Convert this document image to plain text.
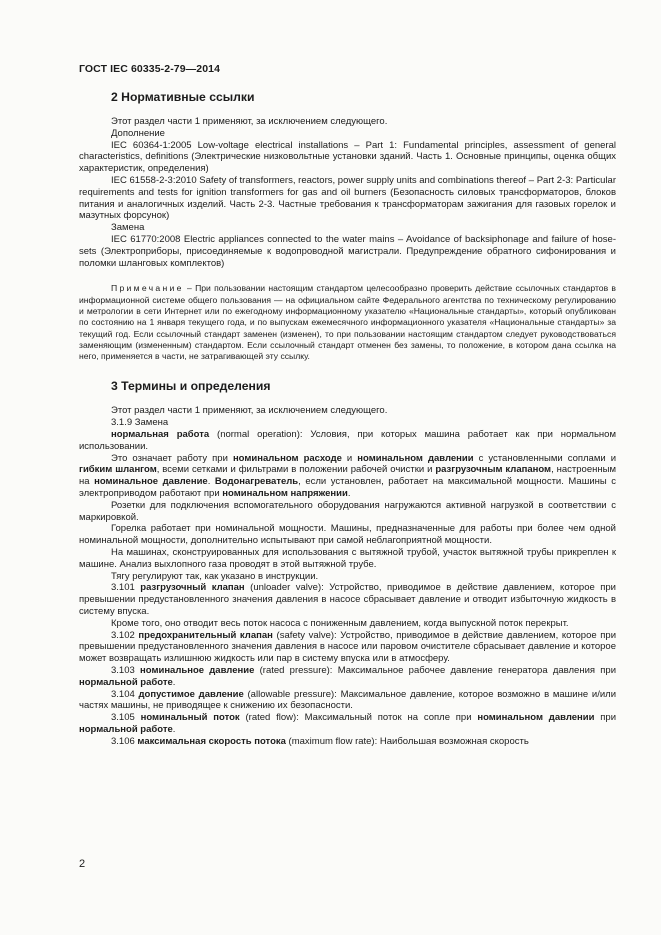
ГОСТ IEC 60335-2-79—2014
2 Нормативные ссылки

Этот раздел части 1 применяют, за исключением следующего.

Дополнение

IEC 60364-1:2005 Low-voltage electrical installations – Part 1: Fundamental principles, assessment of general characteristics, definitions (Электрические низковольтные установки зданий. Часть 1. Основные принципы, оценка общих характеристик, определения)

IEC 61558-2-3:2010 Safety of transformers, reactors, power supply units and combinations thereof – Part 2-3: Particular requirements and tests for ignition transformers for gas and oil burners (Безопасность силовых трансформаторов, блоков питания и аналогичных изделий. Часть 2-3. Частные требования к трансформаторам зажигания для газовых горелок и мазутных форсунок)

Замена

IEC 61770:2008 Electric appliances connected to the water mains – Avoidance of backsiphonage and failure of hose-sets (Электроприборы, присоединяемые к водопроводной магистрали. Предупреждение обратного сифонирования и поломки шланговых комплектов)

Примечание – При пользовании настоящим стандартом целесообразно проверить действие ссылочных стандартов в информационной системе общего пользования — на официальном сайте Федерального агентства по техническому регулированию и метрологии в сети Интернет или по ежегодному информационному указателю «Национальные стандарты», который опубликован по состоянию на 1 января текущего года, и по выпускам ежемесячного информационного указателя «Национальные стандарты» за текущий год. Если ссылочный стандарт заменен (изменен), то при пользовании настоящим стандартом следует руководствоваться заменяющим (измененным) стандартом. Если ссылочный стандарт отменен без замены, то положение, в котором дана ссылка на него, применяется в части, не затрагивающей эту ссылку.

3 Термины и определения

Этот раздел части 1 применяют, за исключением следующего.

3.1.9 Замена

нормальная работа (normal operation): Условия, при которых машина работает как при нормальном использовании.

Это означает работу при номинальном расходе и номинальном давлении с установленными соплами и гибким шлангом, всеми сетками и фильтрами в положении рабочей очистки и разгрузочным клапаном, настроенным на номинальное давление. Водонагреватель, если установлен, работает на максимальной мощности. Машины с электроприводом работают при номинальном напряжении.

Розетки для подключения вспомогательного оборудования нагружаются активной нагрузкой в соответствии с маркировкой.

Горелка работает при номинальной мощности. Машины, предназначенные для работы при более чем одной номинальной мощности, дополнительно испытывают при самой неблагоприятной мощности.

На машинах, сконструированных для использования с вытяжной трубой, участок вытяжной трубы прикреплен к машине. Анализ выхлопного газа проводят в этой вытяжной трубе.

Тягу регулируют так, как указано в инструкции.

3.101 разгрузочный клапан (unloader valve): Устройство, приводимое в действие давлением, которое при превышении предустановленного значения давления в насосе сбрасывает давление и отводит избыточную жидкость в систему впуска.

Кроме того, оно отводит весь поток насоса с пониженным давлением, когда выпускной поток перекрыт.

3.102 предохранительный клапан (safety valve): Устройство, приводимое в действие давлением, которое при превышении предустановленного значения давления в насосе или паровом очистителе сбрасывает давление и которое может возвращать излишнюю жидкость или пар в систему впуска или в атмосферу.

3.103 номинальное давление (rated pressure): Максимальное рабочее давление генератора давления при нормальной работе.

3.104 допустимое давление (allowable pressure): Максимальное давление, которое возможно в машине и/или частях машины, не приводящее к снижению их безопасности.

3.105 номинальный поток (rated flow): Максимальный поток на сопле при номинальном давлении при нормальной работе.

3.106 максимальная скорость потока (maximum flow rate): Наибольшая возможная скорость

2
